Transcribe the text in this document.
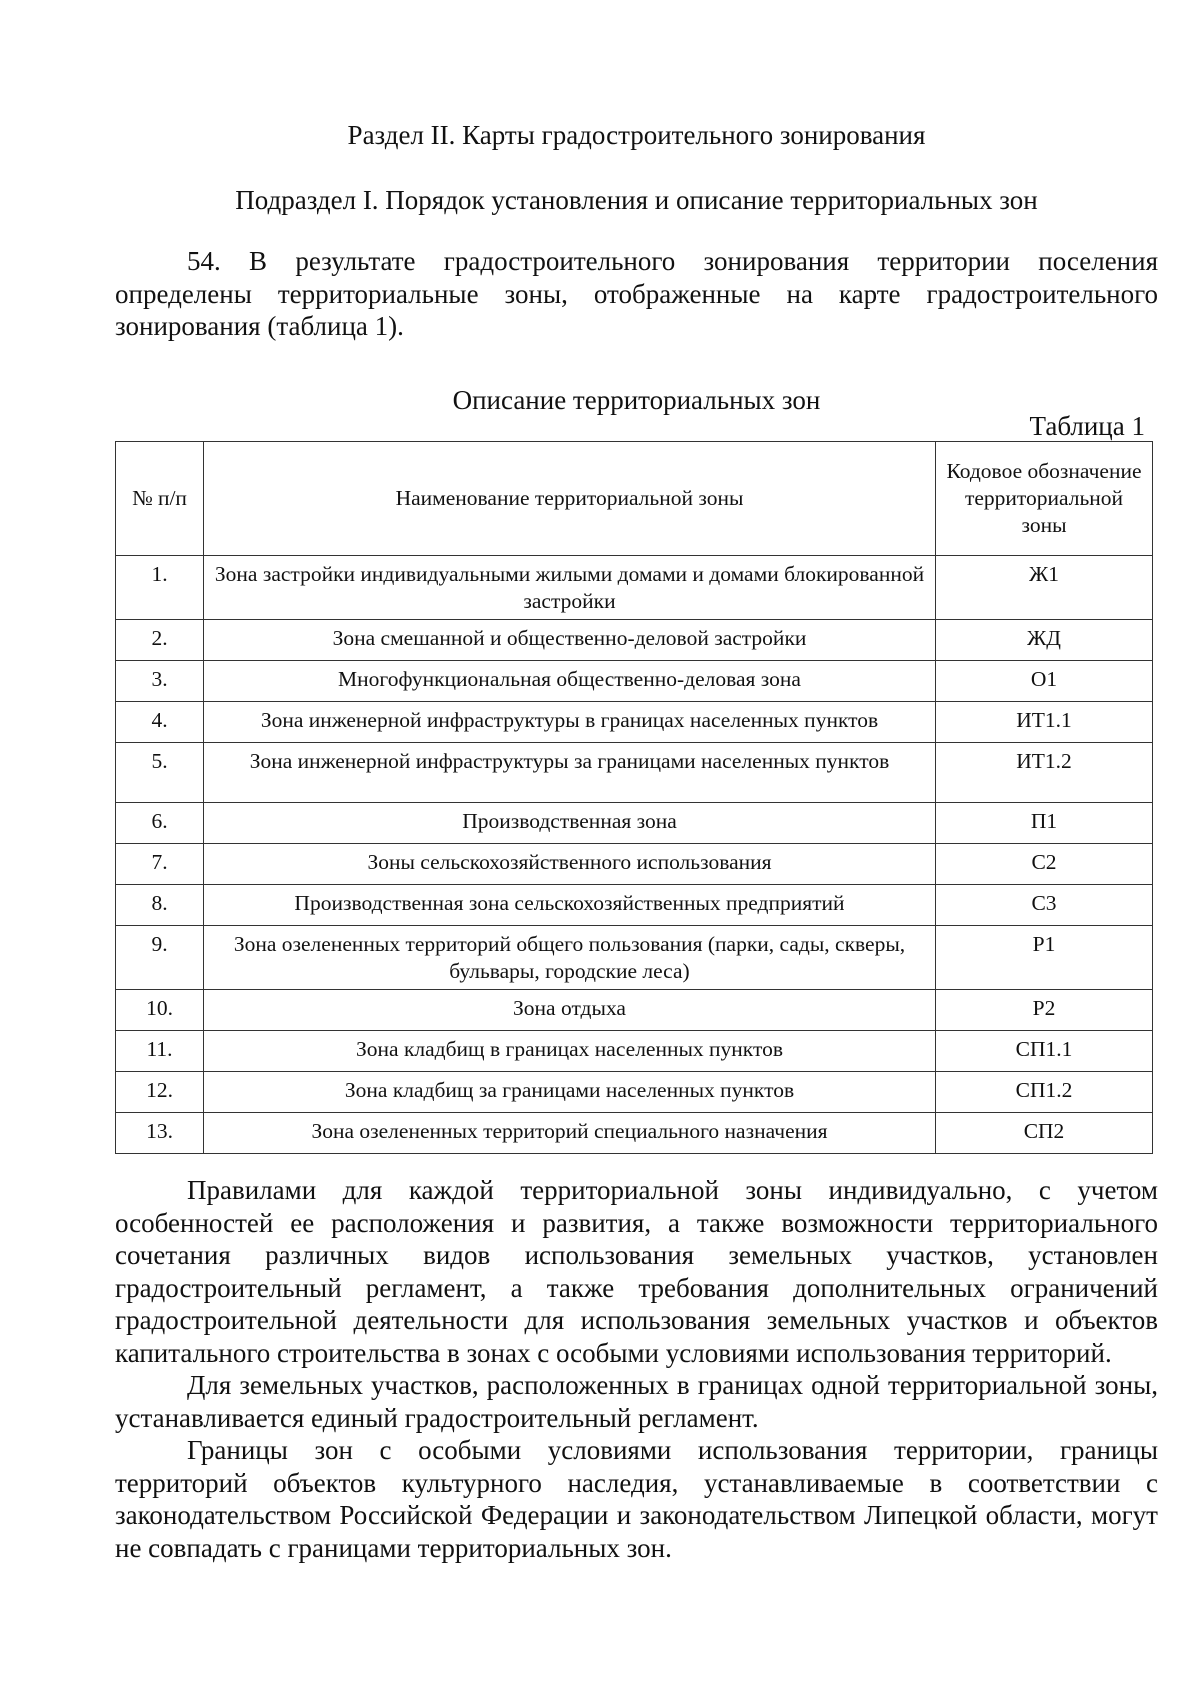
Раздел II. Карты градостроительного зонирования
Подраздел I. Порядок установления и описание территориальных зон

54. В результате градостроительного зонирования территории поселения определены территориальные зоны, отображенные на карте градостроительного зонирования (таблица 1).

Описание территориальных зон
Таблица 1
№ п/п	Наименование территориальной зоны	Кодовое обозначение территориальной зоны
1.	Зона застройки индивидуальными жилыми домами и домами блокированной застройки	Ж1
2.	Зона смешанной и общественно-деловой застройки	ЖД
3.	Многофункциональная общественно-деловая зона	О1
4.	Зона инженерной инфраструктуры в границах населенных пунктов	ИТ1.1
5.	Зона инженерной инфраструктуры за границами населенных пунктов	ИТ1.2
6.	Производственная зона	П1
7.	Зоны сельскохозяйственного использования	С2
8.	Производственная зона сельскохозяйственных предприятий	С3
9.	Зона озелененных территорий общего пользования (парки, сады, скверы, бульвары, городские леса)	Р1
10.	Зона отдыха	Р2
11.	Зона кладбищ в границах населенных пунктов	СП1.1
12.	Зона кладбищ за границами населенных пунктов	СП1.2
13.	Зона озелененных территорий специального назначения	СП2

Правилами для каждой территориальной зоны индивидуально, с учетом особенностей ее расположения и развития, а также возможности территориального сочетания различных видов использования земельных участков, установлен градостроительный регламент, а также требования дополнительных ограничений градостроительной деятельности для использования земельных участков и объектов капитального строительства в зонах с особыми условиями использования территорий.

Для земельных участков, расположенных в границах одной территориальной зоны, устанавливается единый градостроительный регламент.

Границы зон с особыми условиями использования территории, границы территорий объектов культурного наследия, устанавливаемые в соответствии с законодательством Российской Федерации и законодательством Липецкой области, могут не совпадать с границами территориальных зон.
